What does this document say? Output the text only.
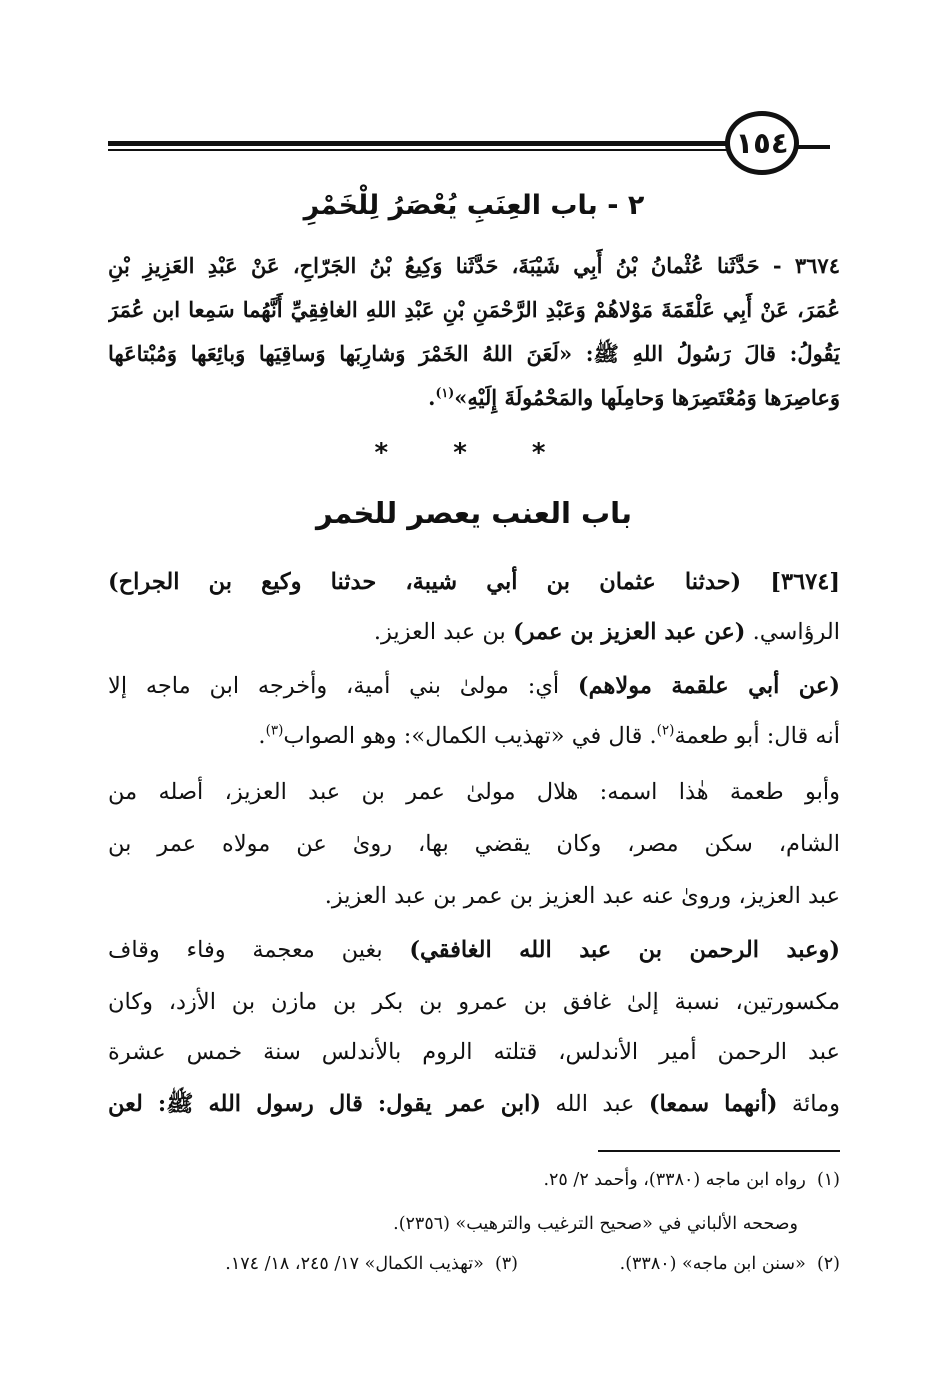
١٥٤
٢ - باب العِنَبِ يُعْصَرُ لِلْخَمْرِ
٣٦٧٤ - حَدَّثَنا عُثْمانُ بْنُ أَبِي شَيْبَةَ، حَدَّثَنا وَكِيعُ بْنُ الجَرّاحِ، عَنْ عَبْدِ العَزِيزِ بْنِ
عُمَرَ، عَنْ أَبِي عَلْقَمَةَ مَوْلاهُمْ وَعَبْدِ الرَّحْمَنِ بْنِ عَبْدِ اللهِ الغافِقِيِّ أَنَّهُما سَمِعا ابن عُمَرَ
يَقُولُ: قالَ رَسُولُ اللهِ ﷺ: «لَعَنَ اللهُ الخَمْرَ وَشارِبَها وَساقِيَها وَبائِعَها وَمُبْتاعَها
وَعاصِرَها وَمُعْتَصِرَها وَحامِلَها والمَحْمُولَةَ إِلَيْهِ»$^{(١)}$.
* * *
باب العنب يعصر للخمر
[٣٦٧٤] (حدثنا عثمان بن أبي شيبة، حدثنا وكيع بن الجراح)
الرؤاسي. (عن عبد العزيز بن عمر) بن عبد العزيز.
(عن أبي علقمة مولاهم) أي: مولىٰ بني أمية، وأخرجه ابن ماجه إلا
أنه قال: أبو طعمة$^{(٢)}$. قال في «تهذيب الكمال»: وهو الصواب$^{(٣)}$.
وأبو طعمة هٰذا اسمه: هلال مولىٰ عمر بن عبد العزيز، أصله من
الشام، سكن مصر، وكان يقضي بها، روىٰ عن مولاه عمر بن
عبد العزيز، وروىٰ عنه عبد العزيز بن عمر بن عبد العزيز.
(وعبد الرحمن بن عبد الله الغافقي) بغين معجمة وفاء وقاف
مكسورتين، نسبة إلىٰ غافق بن عمرو بن بكر بن مازن بن الأزد، وكان
عبد الرحمن أمير الأندلس، قتلته الروم بالأندلس سنة خمس عشرة
ومائة (أنهما سمعا) عبد الله (ابن عمر يقول: قال رسول الله ﷺ: لعن
(١)  رواه ابن ماجه (٣٣٨٠)، وأحمد ٢/ ٢٥.
وصححه الألباني في «صحيح الترغيب والترهيب» (٢٣٥٦).
(٢)  «سنن ابن ماجه» (٣٣٨٠).
(٣)  «تهذيب الكمال» ١٧/ ٢٤٥، ١٨/ ١٧٤.
